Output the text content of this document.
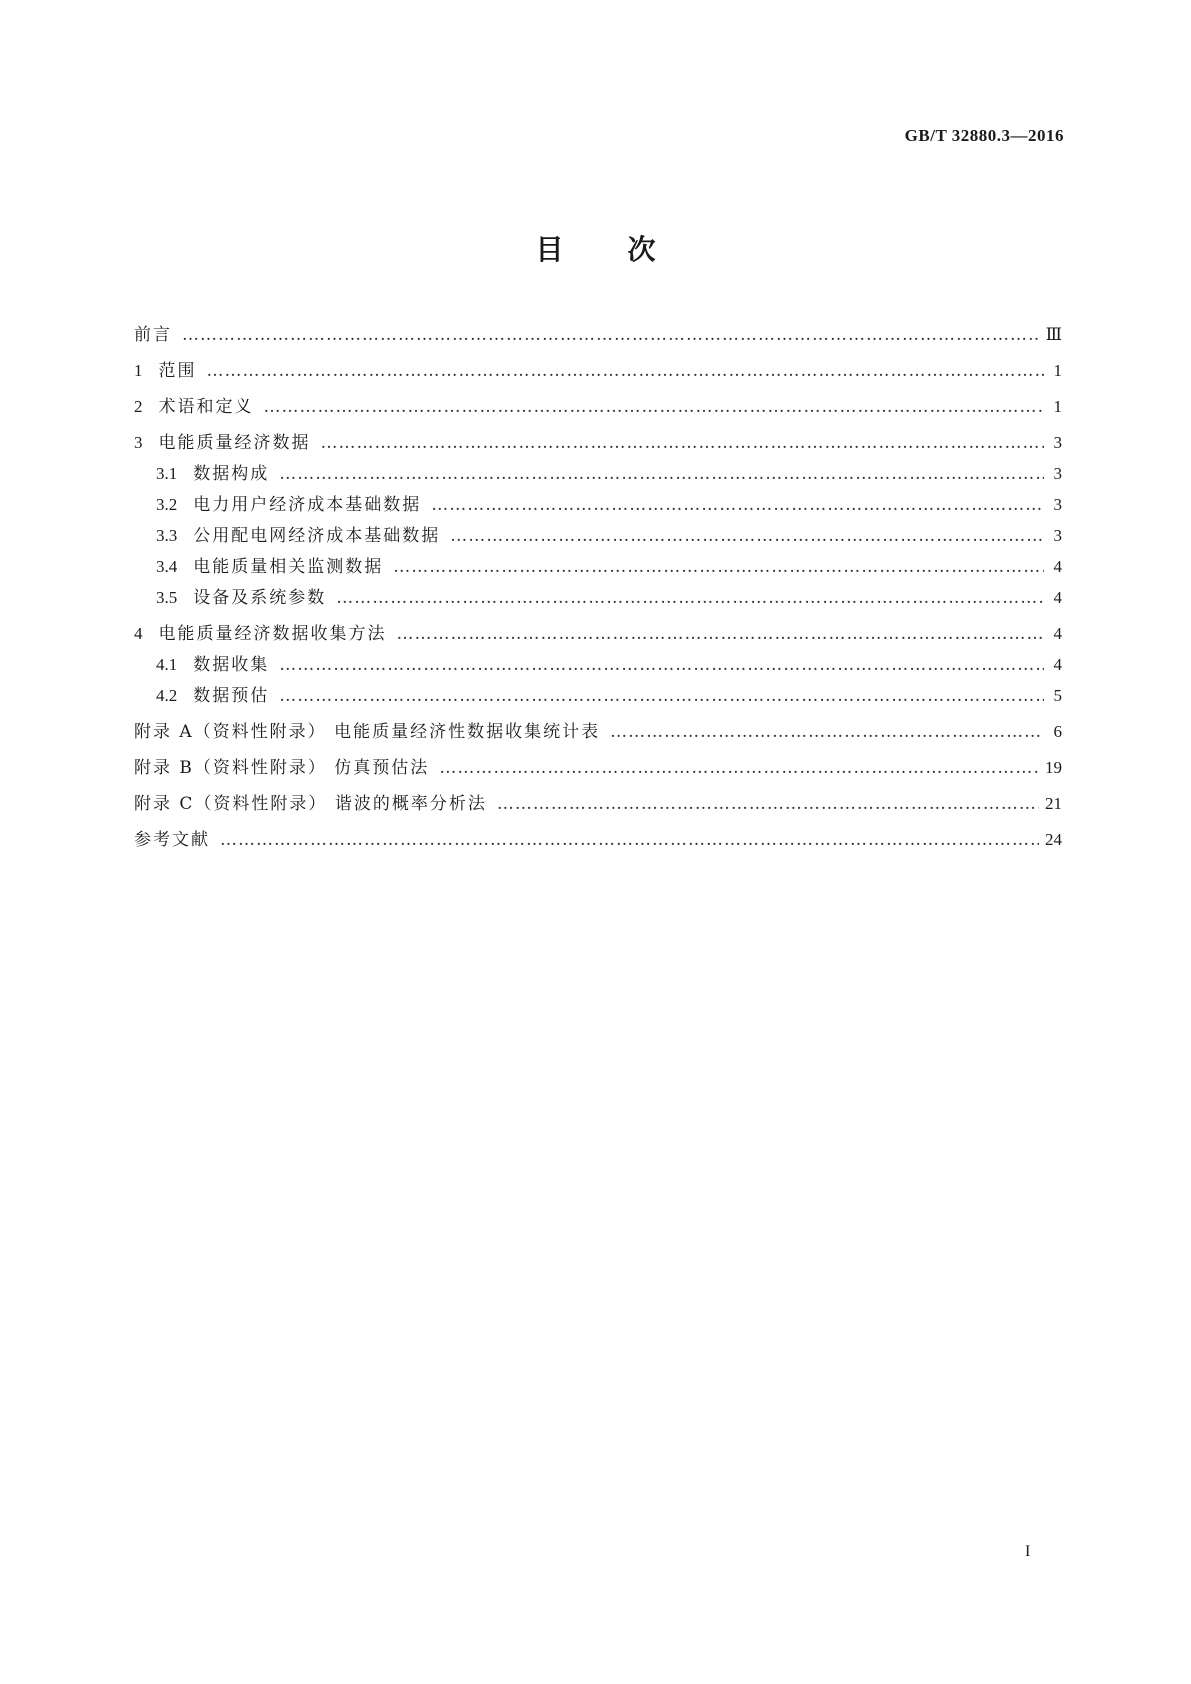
GB/T 32880.3—2016
目次
前言 …………………………………………………………………………………………………………………………………………………………………………………………………………………………………………………………	Ⅲ
1 范围 …………………………………………………………………………………………………………………………………………………………………………………………………………………………………………………………	1
2 术语和定义 …………………………………………………………………………………………………………………………………………………………………………………………………………………………………………………………	1
3 电能质量经济数据 …………………………………………………………………………………………………………………………………………………………………………………………………………………………………………………………	3
3.1 数据构成 …………………………………………………………………………………………………………………………………………………………………………………………………………………………………………………………	3
3.2 电力用户经济成本基础数据 …………………………………………………………………………………………………………………………………………………………………………………………………………………………………………………………	3
3.3 公用配电网经济成本基础数据 …………………………………………………………………………………………………………………………………………………………………………………………………………………………………………………………	3
3.4 电能质量相关监测数据 …………………………………………………………………………………………………………………………………………………………………………………………………………………………………………………………	4
3.5 设备及系统参数 …………………………………………………………………………………………………………………………………………………………………………………………………………………………………………………………	4
4 电能质量经济数据收集方法 …………………………………………………………………………………………………………………………………………………………………………………………………………………………………………………………	4
4.1 数据收集 …………………………………………………………………………………………………………………………………………………………………………………………………………………………………………………………	4
4.2 数据预估 …………………………………………………………………………………………………………………………………………………………………………………………………………………………………………………………	5
附录 A（资料性附录） 电能质量经济性数据收集统计表 …………………………………………………………………………………………………………………………………………………………………………………………………………………………………………………………	6
附录 B（资料性附录） 仿真预估法 …………………………………………………………………………………………………………………………………………………………………………………………………………………………………………………………	19
附录 C（资料性附录） 谐波的概率分析法 …………………………………………………………………………………………………………………………………………………………………………………………………………………………………………………………	21
参考文献 …………………………………………………………………………………………………………………………………………………………………………………………………………………………………………………………	24
I
